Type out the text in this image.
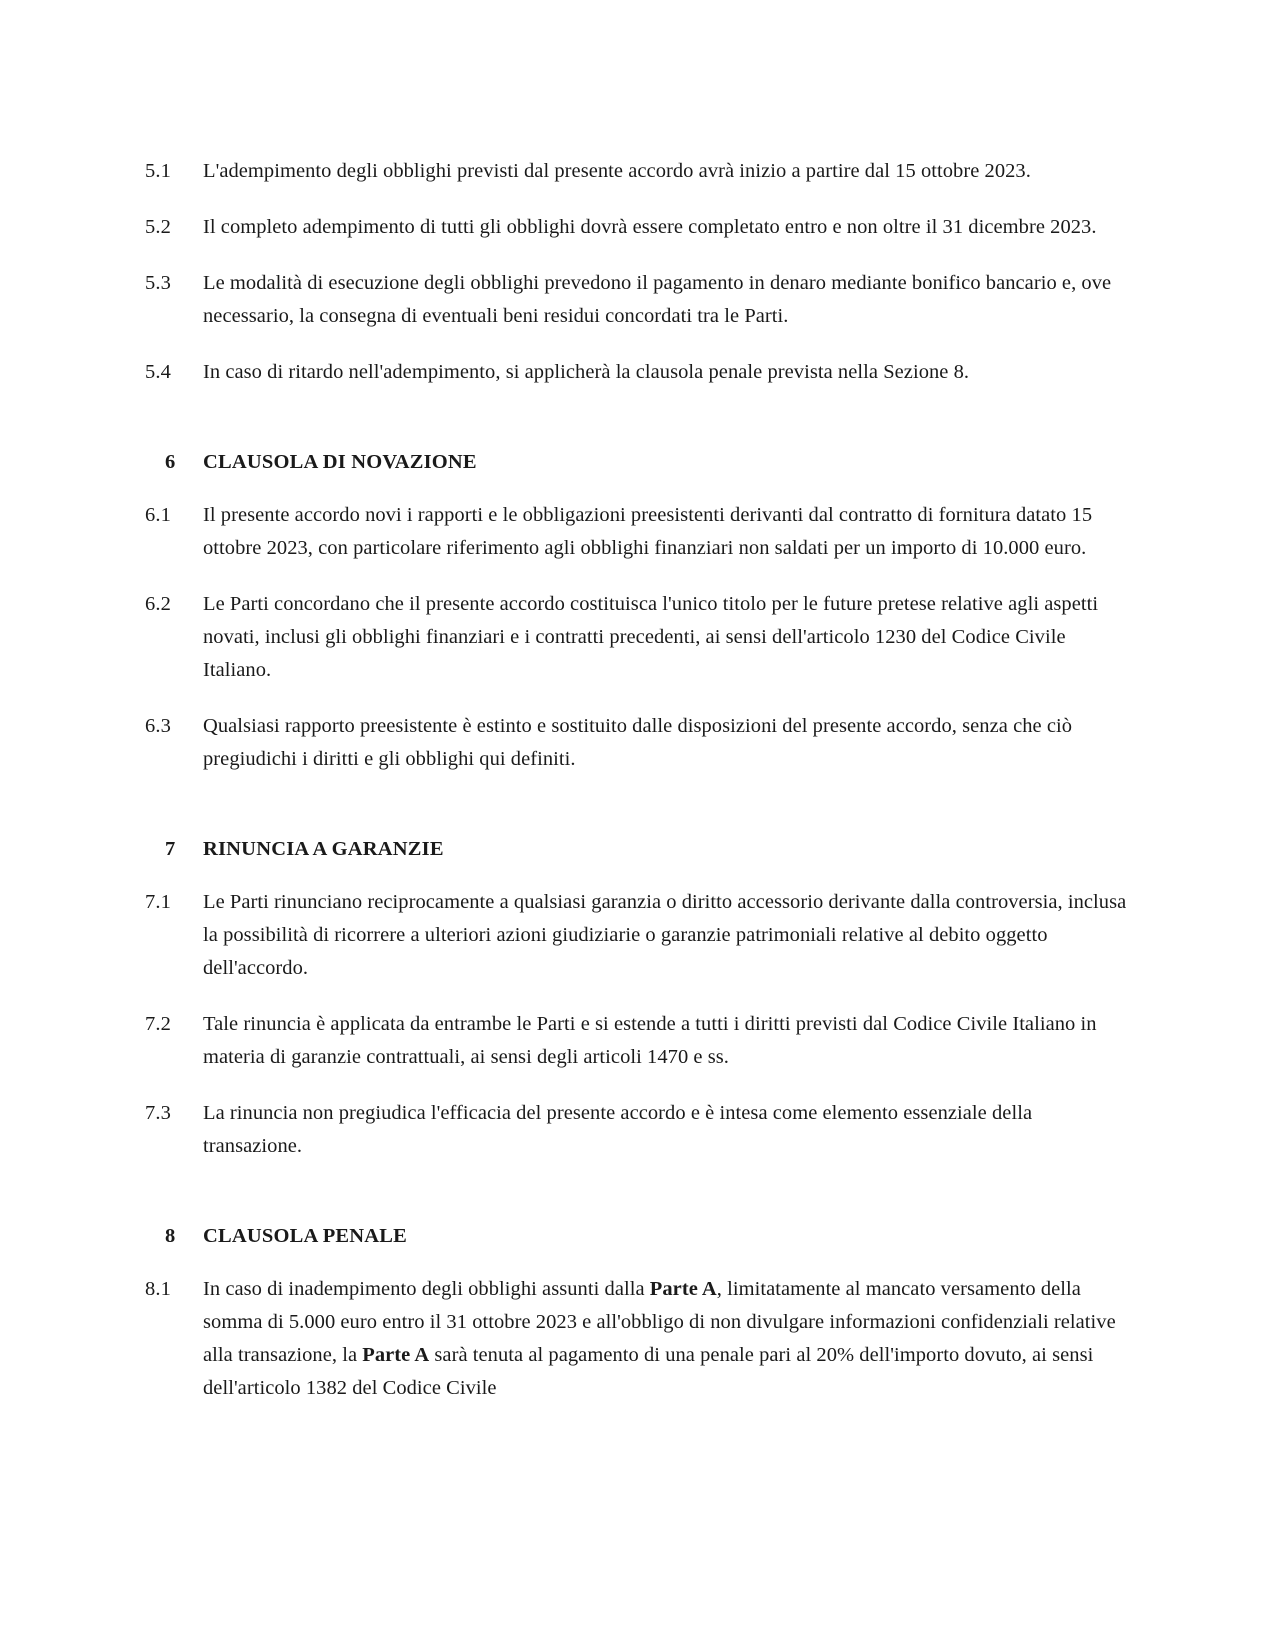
5.1	L'adempimento degli obblighi previsti dal presente accordo avrà inizio a partire dal 15 ottobre 2023.
5.2	Il completo adempimento di tutti gli obblighi dovrà essere completato entro e non oltre il 31 dicembre 2023.
5.3	Le modalità di esecuzione degli obblighi prevedono il pagamento in denaro mediante bonifico bancario e, ove necessario, la consegna di eventuali beni residui concordati tra le Parti.
5.4	In caso di ritardo nell'adempimento, si applicherà la clausola penale prevista nella Sezione 8.
6	CLAUSOLA DI NOVAZIONE
6.1	Il presente accordo novi i rapporti e le obbligazioni preesistenti derivanti dal contratto di fornitura datato 15 ottobre 2023, con particolare riferimento agli obblighi finanziari non saldati per un importo di 10.000 euro.
6.2	Le Parti concordano che il presente accordo costituisca l'unico titolo per le future pretese relative agli aspetti novati, inclusi gli obblighi finanziari e i contratti precedenti, ai sensi dell'articolo 1230 del Codice Civile Italiano.
6.3	Qualsiasi rapporto preesistente è estinto e sostituito dalle disposizioni del presente accordo, senza che ciò pregiudichi i diritti e gli obblighi qui definiti.
7	RINUNCIA A GARANZIE
7.1	Le Parti rinunciano reciprocamente a qualsiasi garanzia o diritto accessorio derivante dalla controversia, inclusa la possibilità di ricorrere a ulteriori azioni giudiziarie o garanzie patrimoniali relative al debito oggetto dell'accordo.
7.2	Tale rinuncia è applicata da entrambe le Parti e si estende a tutti i diritti previsti dal Codice Civile Italiano in materia di garanzie contrattuali, ai sensi degli articoli 1470 e ss.
7.3	La rinuncia non pregiudica l'efficacia del presente accordo e è intesa come elemento essenziale della transazione.
8	CLAUSOLA PENALE
8.1	In caso di inadempimento degli obblighi assunti dalla Parte A, limitatamente al mancato versamento della somma di 5.000 euro entro il 31 ottobre 2023 e all'obbligo di non divulgare informazioni confidenziali relative alla transazione, la Parte A sarà tenuta al pagamento di una penale pari al 20% dell'importo dovuto, ai sensi dell'articolo 1382 del Codice Civile
